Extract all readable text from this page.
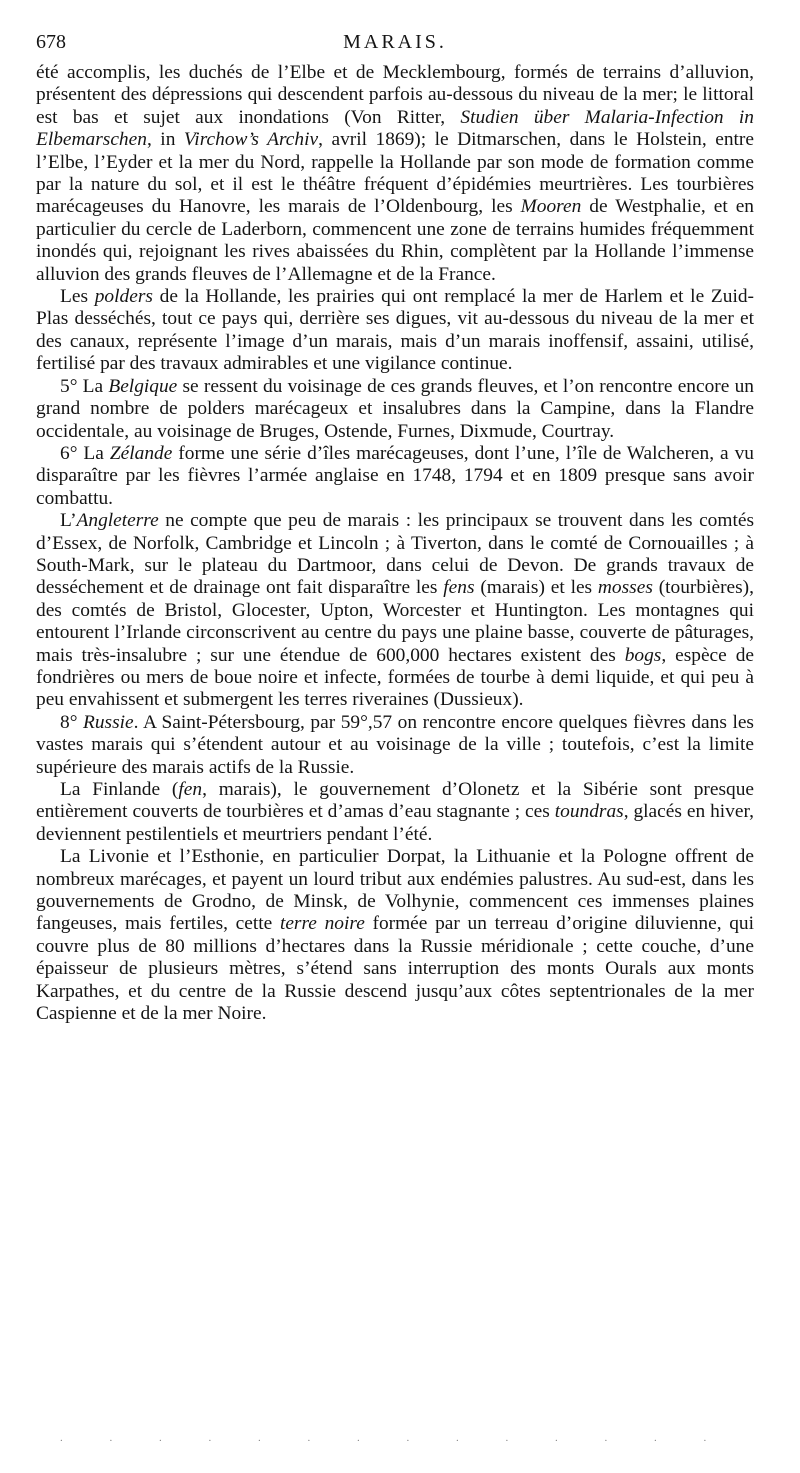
678	MARAIS.

été accomplis, les duchés de l’Elbe et de Mecklembourg, formés de terrains d’alluvion, présentent des dépressions qui descendent parfois au-dessous du niveau de la mer; le littoral est bas et sujet aux inondations (Von Ritter, Studien über Malaria-Infection in Elbemarschen, in Virchow’s Archiv, avril 1869); le Ditmarschen, dans le Holstein, entre l’Elbe, l’Eyder et la mer du Nord, rappelle la Hollande par son mode de formation comme par la nature du sol, et il est le théâtre fréquent d’épidémies meurtrières. Les tourbières marécageuses du Hanovre, les marais de l’Oldenbourg, les Mooren de Westphalie, et en particulier du cercle de Laderborn, commencent une zone de terrains humides fréquemment inondés qui, rejoignant les rives abaissées du Rhin, complètent par la Hollande l’immense alluvion des grands fleuves de l’Allemagne et de la France.

Les polders de la Hollande, les prairies qui ont remplacé la mer de Harlem et le Zuid-Plas desséchés, tout ce pays qui, derrière ses digues, vit au-dessous du niveau de la mer et des canaux, représente l’image d’un marais, mais d’un marais inoffensif, assaini, utilisé, fertilisé par des travaux admirables et une vigilance continue.

5° La Belgique se ressent du voisinage de ces grands fleuves, et l’on rencontre encore un grand nombre de polders marécageux et insalubres dans la Campine, dans la Flandre occidentale, au voisinage de Bruges, Ostende, Furnes, Dixmude, Courtray.

6° La Zélande forme une série d’îles marécageuses, dont l’une, l’île de Walcheren, a vu disparaître par les fièvres l’armée anglaise en 1748, 1794 et en 1809 presque sans avoir combattu.

L’Angleterre ne compte que peu de marais : les principaux se trouvent dans les comtés d’Essex, de Norfolk, Cambridge et Lincoln ; à Tiverton, dans le comté de Cornouailles ; à South-Mark, sur le plateau du Dartmoor, dans celui de Devon. De grands travaux de desséchement et de drainage ont fait disparaître les fens (marais) et les mosses (tourbières), des comtés de Bristol, Glocester, Upton, Worcester et Huntington. Les montagnes qui entourent l’Irlande circonscrivent au centre du pays une plaine basse, couverte de pâturages, mais très-insalubre ; sur une étendue de 600,000 hectares existent des bogs, espèce de fondrières ou mers de boue noire et infecte, formées de tourbe à demi liquide, et qui peu à peu envahissent et submergent les terres riveraines (Dussieux).

8° Russie. A Saint-Pétersbourg, par 59°,57 on rencontre encore quelques fièvres dans les vastes marais qui s’étendent autour et au voisinage de la ville ; toutefois, c’est la limite supérieure des marais actifs de la Russie.

La Finlande (fen, marais), le gouvernement d’Olonetz et la Sibérie sont presque entièrement couverts de tourbières et d’amas d’eau stagnante ; ces toundras, glacés en hiver, deviennent pestilentiels et meurtriers pendant l’été.

La Livonie et l’Esthonie, en particulier Dorpat, la Lithuanie et la Pologne offrent de nombreux marécages, et payent un lourd tribut aux endémies palustres. Au sud-est, dans les gouvernements de Grodno, de Minsk, de Volhynie, commencent ces immenses plaines fangeuses, mais fertiles, cette terre noire formée par un terreau d’origine diluvienne, qui couvre plus de 80 millions d’hectares dans la Russie méridionale ; cette couche, d’une épaisseur de plusieurs mètres, s’étend sans interruption des monts Ourals aux monts Karpathes, et du centre de la Russie descend jusqu’aux côtes septentrionales de la mer Caspienne et de la mer Noire.

. . . . . . . . . . . . . .
